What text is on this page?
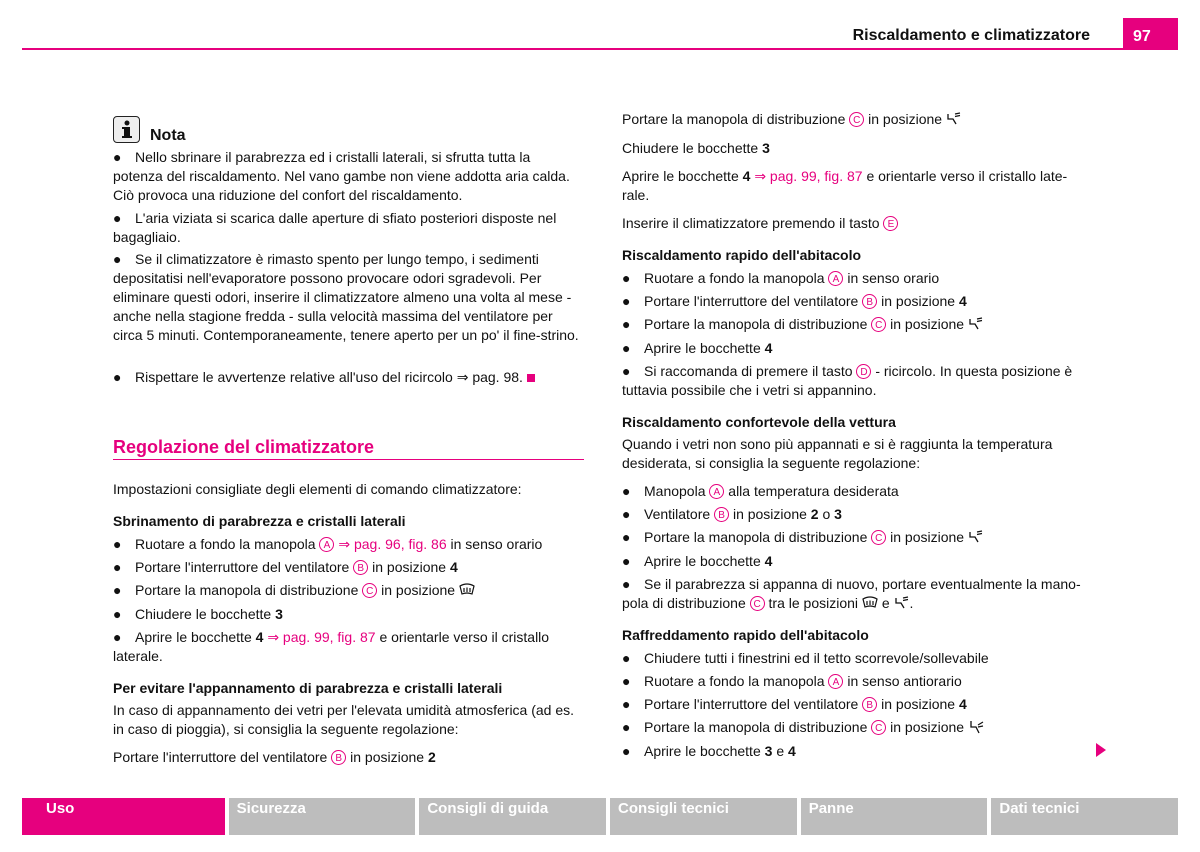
Riscaldamento e climatizzatore	97
Nota
● Nello sbrinare il parabrezza ed i cristalli laterali, si sfrutta tutta la potenza del riscaldamento. Nel vano gambe non viene addotta aria calda. Ciò provoca una riduzione del confort del riscaldamento.
● L'aria viziata si scarica dalle aperture di sfiato posteriori disposte nel bagagliaio.
● Se il climatizzatore è rimasto spento per lungo tempo, i sedimenti depositatisi nell'evaporatore possono provocare odori sgradevoli. Per eliminare questi odori, inserire il climatizzatore almeno una volta al mese - anche nella stagione fredda - sulla velocità massima del ventilatore per circa 5 minuti. Contemporaneamente, tenere aperto per un po' il fine-strino.
● Rispettare le avvertenze relative all'uso del ricircolo ⇒ pag. 98.
Regolazione del climatizzatore
Impostazioni consigliate degli elementi di comando climatizzatore:
Sbrinamento di parabrezza e cristalli laterali
● Ruotare a fondo la manopola A ⇒ pag. 96, fig. 86 in senso orario
● Portare l'interruttore del ventilatore B in posizione 4
● Portare la manopola di distribuzione C in posizione
● Chiudere le bocchette 3
● Aprire le bocchette 4 ⇒ pag. 99, fig. 87 e orientarle verso il cristallo
laterale.
Per evitare l'appannamento di parabrezza e cristalli laterali
In caso di appannamento dei vetri per l'elevata umidità atmosferica (ad es. in caso di pioggia), si consiglia la seguente regolazione:
Portare l'interruttore del ventilatore B in posizione 2
Portare la manopola di distribuzione C in posizione
Chiudere le bocchette 3
Aprire le bocchette 4 ⇒ pag. 99, fig. 87 e orientarle verso il cristallo late-
rale.
Inserire il climatizzatore premendo il tasto E
Riscaldamento rapido dell'abitacolo
● Ruotare a fondo la manopola A in senso orario
● Portare l'interruttore del ventilatore B in posizione 4
● Portare la manopola di distribuzione C in posizione
● Aprire le bocchette 4
● Si raccomanda di premere il tasto D - ricircolo. In questa posizione è
tuttavia possibile che i vetri si appannino.
Riscaldamento confortevole della vettura
Quando i vetri non sono più appannati e si è raggiunta la temperatura desiderata, si consiglia la seguente regolazione:
● Manopola A alla temperatura desiderata
● Ventilatore B in posizione 2 o 3
● Portare la manopola di distribuzione C in posizione
● Aprire le bocchette 4
● Se il parabrezza si appanna di nuovo, portare eventualmente la mano-
pola di distribuzione C tra le posizioni e .
Raffreddamento rapido dell'abitacolo
● Chiudere tutti i finestrini ed il tetto scorrevole/sollevabile
● Ruotare a fondo la manopola A in senso antiorario
● Portare l'interruttore del ventilatore B in posizione 4
● Portare la manopola di distribuzione C in posizione
● Aprire le bocchette 3 e 4
Uso	Sicurezza	Consigli di guida	Consigli tecnici	Panne	Dati tecnici
